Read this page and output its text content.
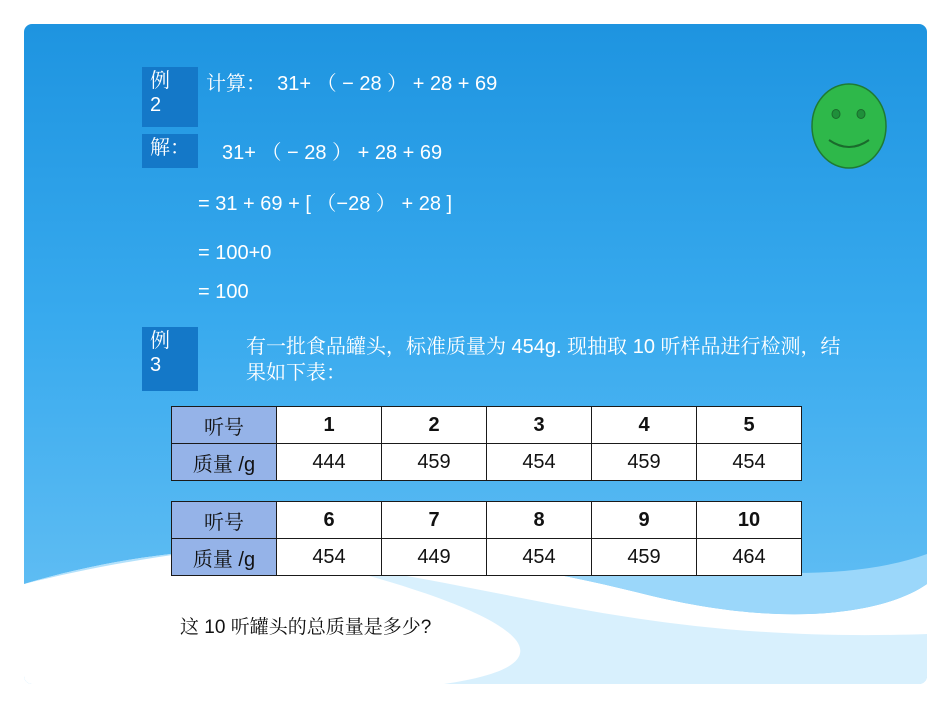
例
2
计算：  31+ （ − 28 ） + 28 + 69
解：	31+ （ − 28 ） + 28 + 69
= 31 + 69 + [ （−28 ） + 28 ]
= 100+0
= 100
例
3
有一批食品罐头，标准质量为 454g. 现抽取 10 听样品进行检测，结果如下表：
听号	1	2	3	4	5
质量 /g	444	459	454	459	454
听号	6	7	8	9	10
质量 /g	454	449	454	459	464
这 10 听罐头的总质量是多少?
